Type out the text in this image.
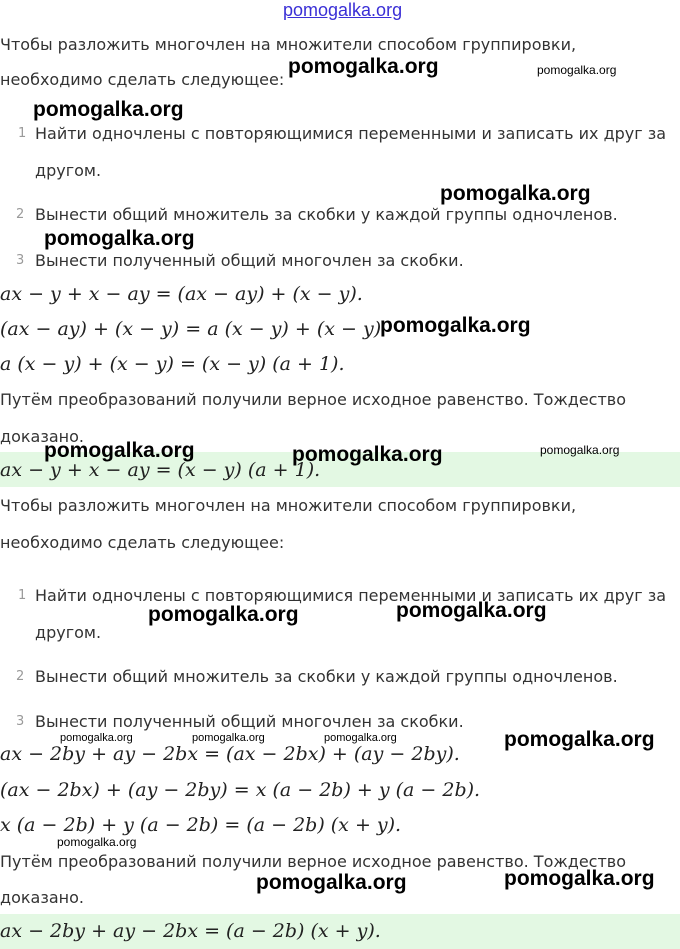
pomogalka.org
Чтобы разложить многочлен на множители способом группировки,
необходимо сделать следующее:
1 Найти одночлены с повторяющимися переменными и записать их друг за
другом.
2 Вынести общий множитель за скобки у каждой группы одночленов.
3 Вынести полученный общий многочлен за скобки.
ax − y + x − ay = (ax − ay) + (x − y).
(ax − ay) + (x − y) = a (x − y) + (x − y)
a (x − y) + (x − y) = (x − y) (a + 1).
Путём преобразований получили верное исходное равенство. Тождество
доказано.
ax − y + x − ay = (x − y) (a + 1).
Чтобы разложить многочлен на множители способом группировки,
необходимо сделать следующее:
1 Найти одночлены с повторяющимися переменными и записать их друг за
другом.
2 Вынести общий множитель за скобки у каждой группы одночленов.
3 Вынести полученный общий многочлен за скобки.
ax − 2by + ay − 2bx = (ax − 2bx) + (ay − 2by).
(ax − 2bx) + (ay − 2by) = x (a − 2b) + y (a − 2b).
x (a − 2b) + y (a − 2b) = (a − 2b) (x + y).
Путём преобразований получили верное исходное равенство. Тождество
доказано.
ax − 2by + ay − 2bx = (a − 2b) (x + y).
pomogalka.org	pomogalka.org
pomogalka.org
pomogalka.org
pomogalka.org
pomogalka.org
pomogalka.org	pomogalka.org	pomogalka.org
pomogalka.org	pomogalka.org
pomogalka.org	pomogalka.org	pomogalka.org	pomogalka.org
pomogalka.org
pomogalka.org	pomogalka.org
